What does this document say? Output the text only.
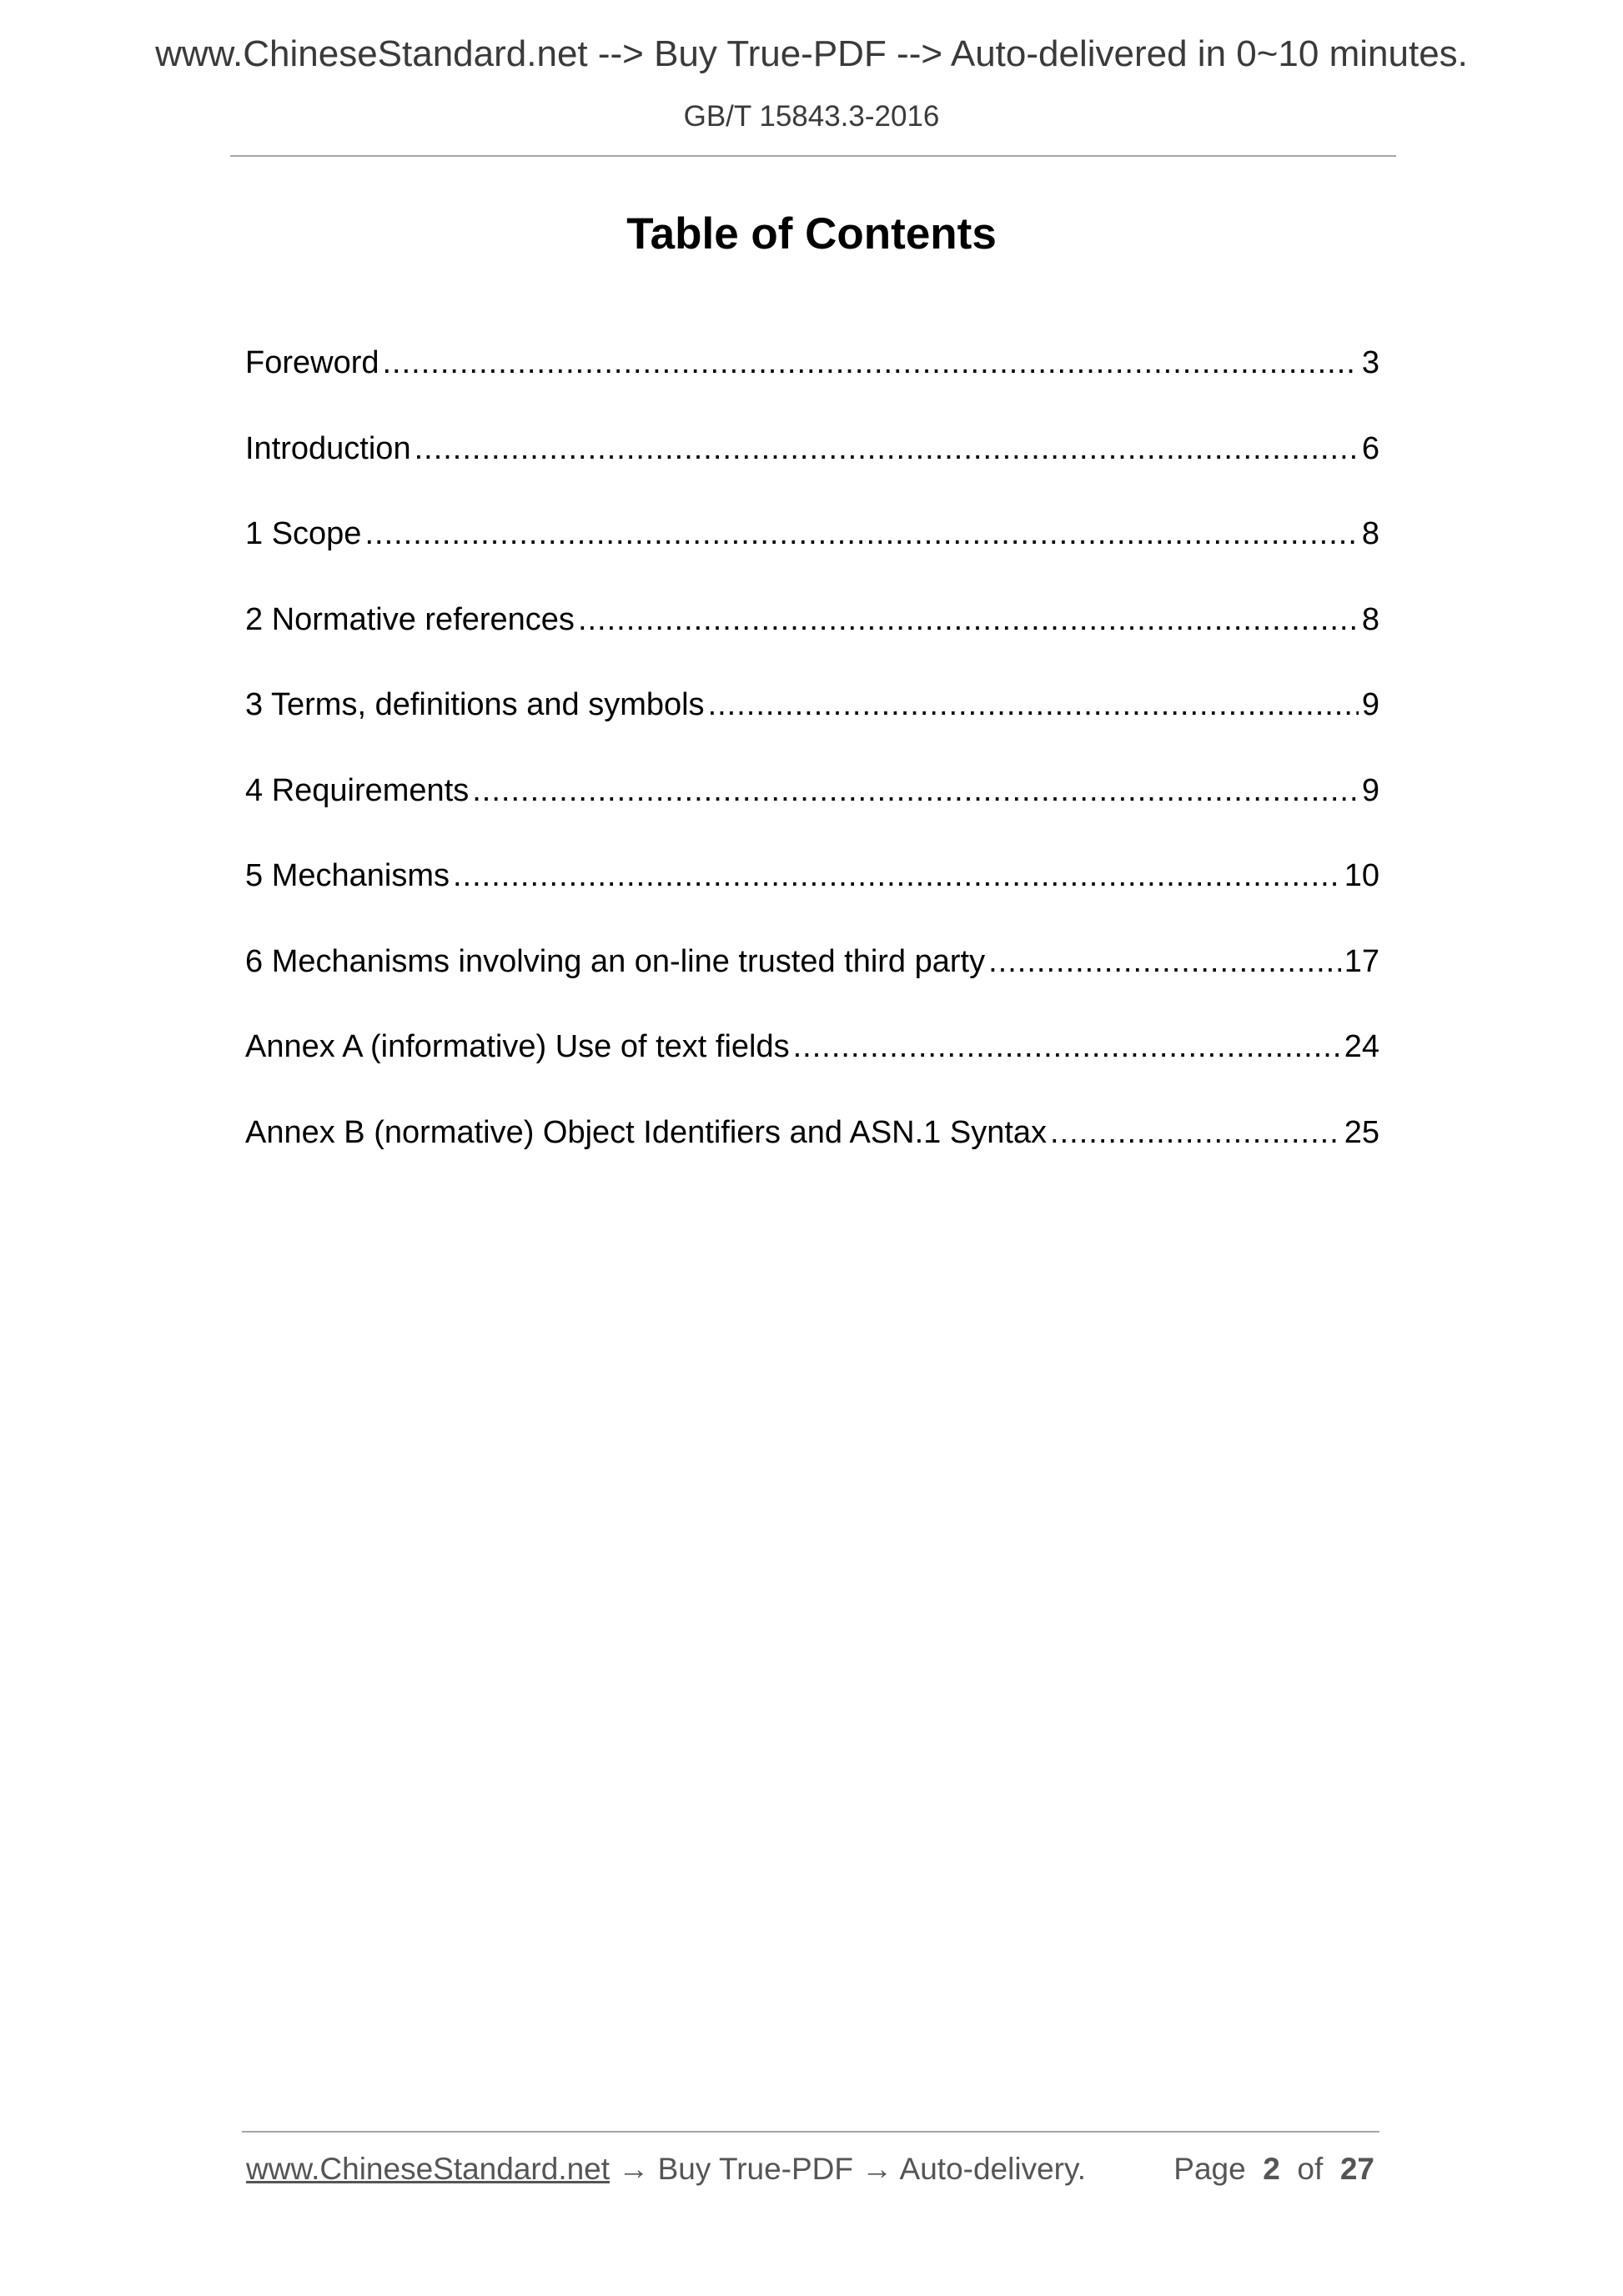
www.ChineseStandard.net --> Buy True-PDF --> Auto-delivered in 0~10 minutes.
GB/T 15843.3-2016
Table of Contents
Foreword .....	3
Introduction .....	6
1 Scope .....	8
2 Normative references .....	8
3 Terms, definitions and symbols .....	9
4 Requirements .....	9
5 Mechanisms .....	10
6 Mechanisms involving an on-line trusted third party .....	17
Annex A (informative) Use of text fields .....	24
Annex B (normative) Object Identifiers and ASN.1 Syntax .....	25
www.ChineseStandard.net → Buy True-PDF → Auto-delivery.	Page 2 of 27
